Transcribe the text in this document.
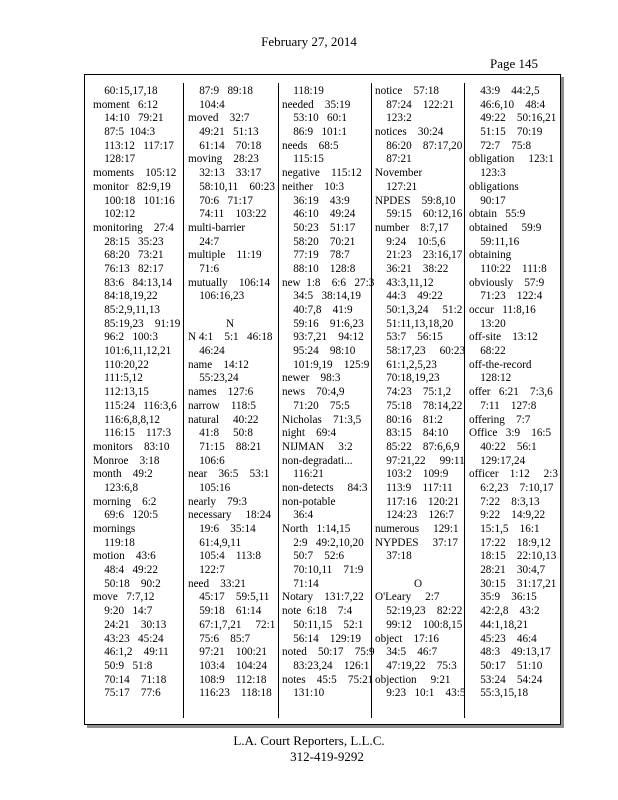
February 27, 2014
Page 145
60:15,17,18
moment   6:12
14:10   79:21
87:5  104:3
113:12   117:17
128:17
moments    105:12
monitor   82:9,19
100:18   101:16
102:12
monitoring    27:4
28:15   35:23
68:20   73:21
76:13   82:17
83:6   84:13,14
84:18,19,22
85:2,9,11,13
85:19,23    91:19
96:2   100:3
101:6,11,12,21
110:20,22
111:5,12
112:13,15
115:24   116:3,6
116:6,8,8,12
116:15    117:3
monitors    83:10
Monroe    3:18
month    49:2
123:6,8
morning    6:2
69:6   120:5
mornings
119:18
motion    43:6
48:4   49:22
50:18    90:2
move   7:7,12
9:20   14:7
24:21    30:13
43:23   45:24
46:1,2    49:11
50:9   51:8
70:14    71:18
75:17    77:6
87:9   89:18
104:4
moved    32:7
49:21   51:13
61:14    70:18
moving    28:23
32:13    33:17
58:10,11    60:23
70:6   71:17
74:11    103:22
multi-barrier
24:7
multiple    11:19
71:6
mutually    106:14
106:16,23
N
N 4:1    5:1   46:18
46:24
name    14:12
55:23,24
names    127:6
narrow    118:5
natural     40:22
41:8     50:8
71:15    88:21
106:6
near    36:5    53:1
105:16
nearly    79:3
necessary     18:24
19:6    35:14
61:4,9,11
105:4    113:8
122:7
need    33:21
45:17    59:5,11
59:18    61:14
67:1,7,21     72:1
75:6    85:7
97:21    100:21
103:4    104:24
108:9    112:18
116:23    118:18
118:19
needed    35:19
53:10   60:1
86:9   101:1
needs    68:5
115:15
negative    115:12
neither    10:3
36:19    43:9
46:10    49:24
50:23    51:17
58:20    70:21
77:19    78:7
88:10    128:8
new  1:8    6:6   27:3
34:5   38:14,19
40:7,8    41:9
59:16    91:6,23
93:7,21    94:12
95:24    98:10
101:9,19    125:9
newer    98:3
news    70:4,9
71:20    75:5
Nicholas    71:3,5
night    69:4
NIJMAN     3:2
non-degradati...
116:21
non-detects     84:3
non-potable
36:4
North   1:14,15
2:9   49:2,10,20
50:7    52:6
70:10,11    71:9
71:14
Notary    131:7,22
note  6:18    7:4
50:11,15    52:1
56:14    129:19
noted    50:17    75:9
83:23,24    126:1
notes    45:5    75:21
131:10
notice    57:18
87:24    122:21
123:2
notices    30:24
86:20    87:17,20
87:21
November
127:21
NPDES    59:8,10
59:15    60:12,16
number    8:7,17
9:24    10:5,6
21:23    23:16,17
36:21    38:22
43:3,11,12
44:3    49:22
50:1,3,24     51:2
51:11,13,18,20
53:7    56:15
58:17,23     60:23
61:1,2,5,23
70:18,19,23
74:23    75:1,2
75:18    78:14,22
80:16    81:2
83:15    84:10
85:22    87:6,6,9
97:21,22     99:11
103:2    109:9
113:9    117:11
117:16    120:21
124:23    126:7
numerous     129:1
NYPDES     37:17
37:18
O
O'Leary     2:7
52:19,23    82:22
99:12    100:8,15
object    17:16
34:5    46:7
47:19,22    75:3
objection     9:21
9:23   10:1    43:5
43:9    44:2,5
46:6,10    48:4
49:22    50:16,21
51:15    70:19
72:7    75:8
obligation     123:1
123:3
obligations
90:17
obtain   55:9
obtained     59:9
59:11,16
obtaining
110:22    111:8
obviously    57:9
71:23    122:4
occur   11:8,16
13:20
off-site    13:12
68:22
off-the-record
128:12
offer   6:21    7:3,6
7:11    127:8
offering    7:7
Office   3:9    16:5
40:22    56:1
129:17,24
officer    1:12     2:3
6:2,23    7:10,17
7:22    8:3,13
9:22    14:9,22
15:1,5    16:1
17:22    18:9,12
18:15    22:10,13
28:21    30:4,7
30:15    31:17,21
35:9    36:15
42:2,8    43:2
44:1,18,21
45:23    46:4
48:3    49:13,17
50:17    51:10
53:24    54:24
55:3,15,18
L.A. Court Reporters, L.L.C.
312-419-9292
